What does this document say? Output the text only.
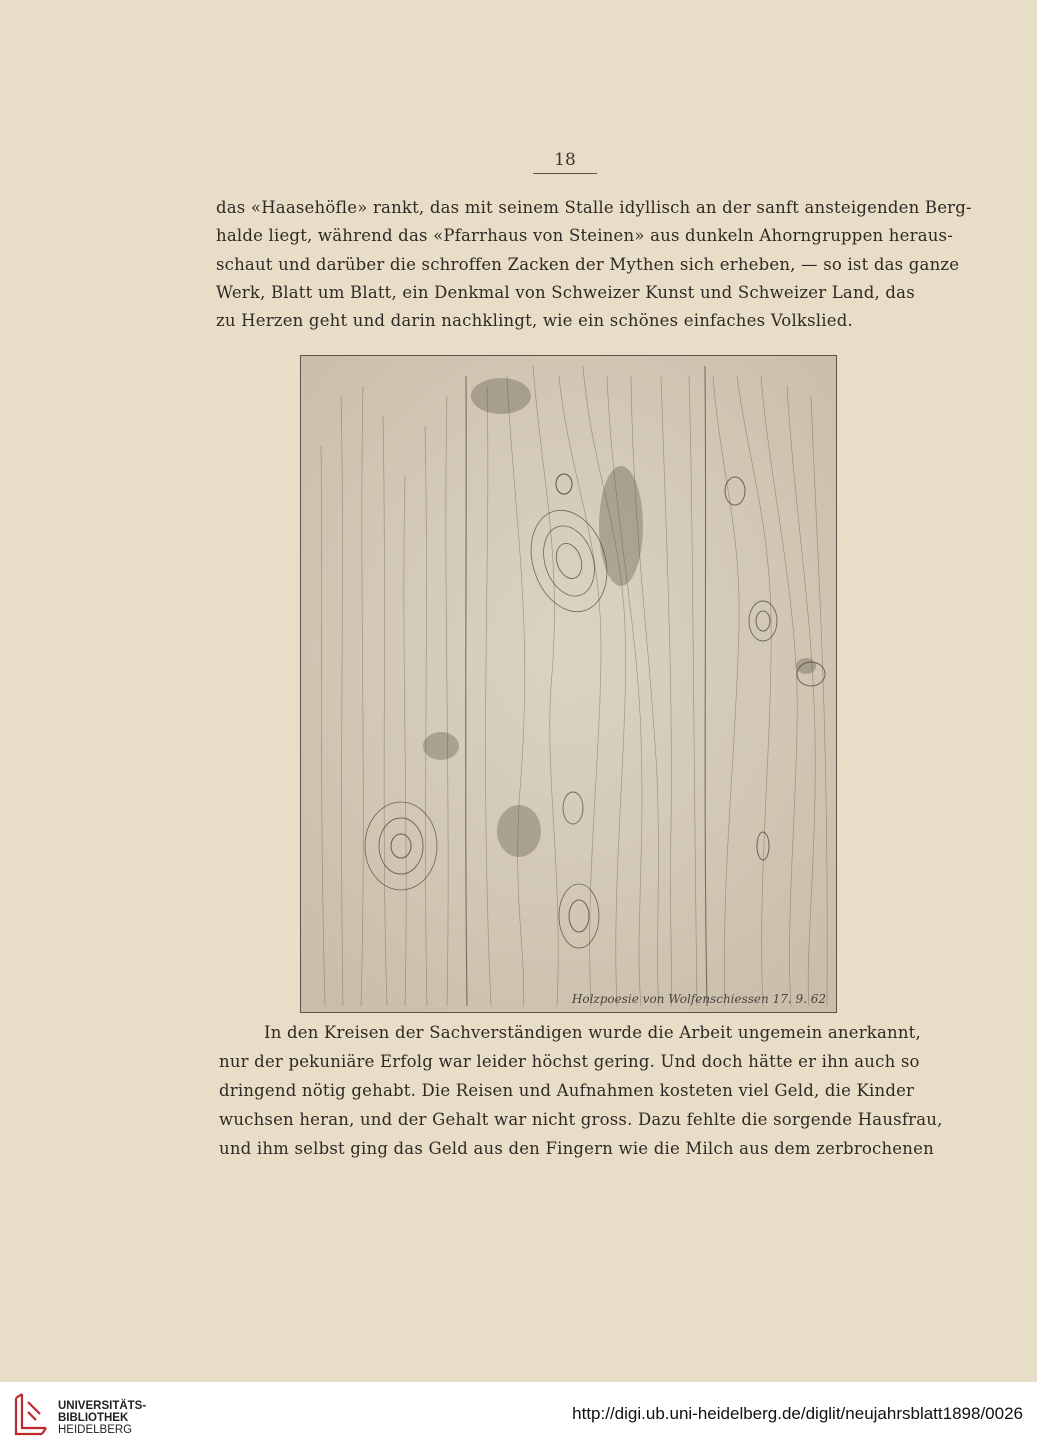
18
das «Haasehöfle» rankt, das mit seinem Stalle idyllisch an der sanft ansteigenden Berg-
halde liegt, während das «Pfarrhaus von Steinen» aus dunkeln Ahorngruppen heraus-
schaut und darüber die schroffen Zacken der Mythen sich erheben, — so ist das ganze
Werk, Blatt um Blatt, ein Denkmal von Schweizer Kunst und Schweizer Land, das
zu Herzen geht und darin nachklingt, wie ein schönes einfaches Volkslied.
Holzpoesie von Wolfenschiessen 17. 9. 62
In den Kreisen der Sachverständigen wurde die Arbeit ungemein anerkannt,
nur der pekuniäre Erfolg war leider höchst gering. Und doch hätte er ihn auch so
dringend nötig gehabt. Die Reisen und Aufnahmen kosteten viel Geld, die Kinder
wuchsen heran, und der Gehalt war nicht gross. Dazu fehlte die sorgende Hausfrau,
und ihm selbst ging das Geld aus den Fingern wie die Milch aus dem zerbrochenen
UNIVERSITÄTS-
BIBLIOTHEK
HEIDELBERG
http://digi.ub.uni-heidelberg.de/diglit/neujahrsblatt1898/0026
